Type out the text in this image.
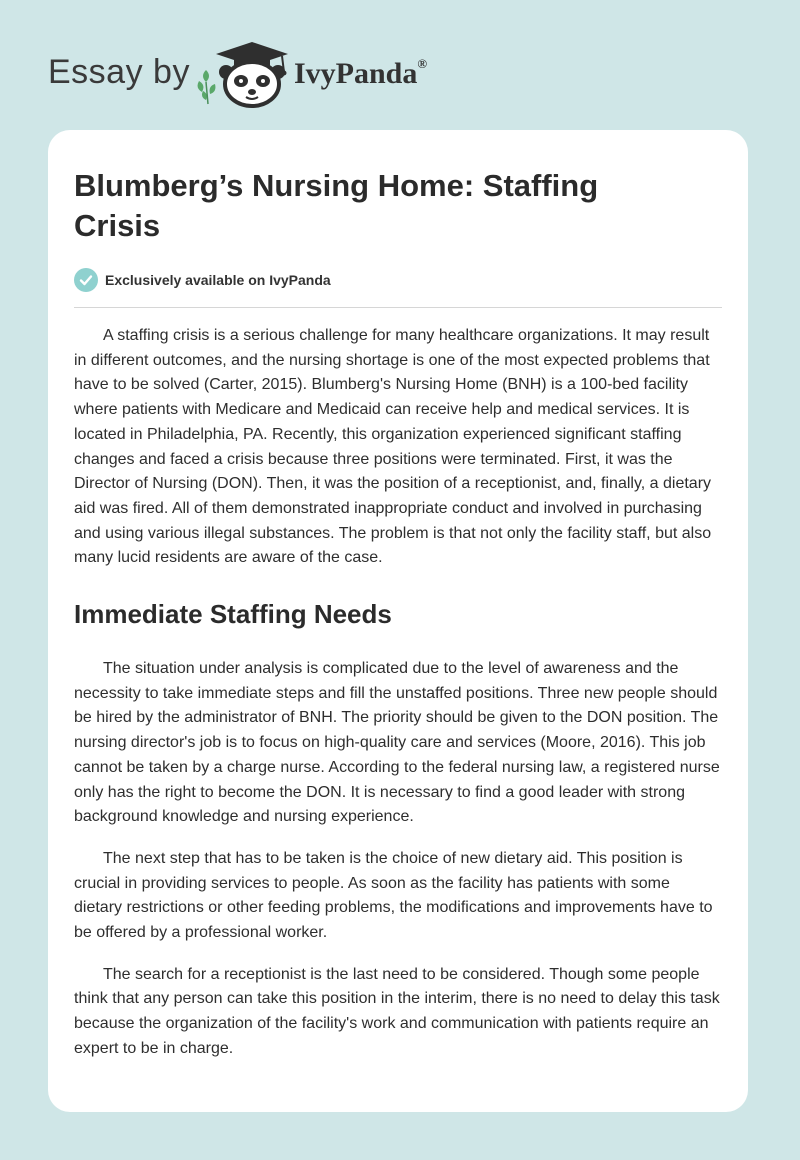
Essay by	IvyPanda®
Blumberg’s Nursing Home: Staffing Crisis
Exclusively available on IvyPanda

A staffing crisis is a serious challenge for many healthcare organizations. It may result in different outcomes, and the nursing shortage is one of the most expected problems that have to be solved (Carter, 2015). Blumberg's Nursing Home (BNH) is a 100-bed facility where patients with Medicare and Medicaid can receive help and medical services. It is located in Philadelphia, PA. Recently, this organization experienced significant staffing changes and faced a crisis because three positions were terminated. First, it was the Director of Nursing (DON). Then, it was the position of a receptionist, and, finally, a dietary aid was fired. All of them demonstrated inappropriate conduct and involved in purchasing and using various illegal substances. The problem is that not only the facility staff, but also many lucid residents are aware of the case.

Immediate Staffing Needs

The situation under analysis is complicated due to the level of awareness and the necessity to take immediate steps and fill the unstaffed positions. Three new people should be hired by the administrator of BNH. The priority should be given to the DON position. The nursing director's job is to focus on high-quality care and services (Moore, 2016). This job cannot be taken by a charge nurse. According to the federal nursing law, a registered nurse only has the right to become the DON. It is necessary to find a good leader with strong background knowledge and nursing experience.

The next step that has to be taken is the choice of new dietary aid. This position is crucial in providing services to people. As soon as the facility has patients with some dietary restrictions or other feeding problems, the modifications and improvements have to be offered by a professional worker.

The search for a receptionist is the last need to be considered. Though some people think that any person can take this position in the interim, there is no need to delay this task because the organization of the facility's work and communication with patients require an expert to be in charge.
